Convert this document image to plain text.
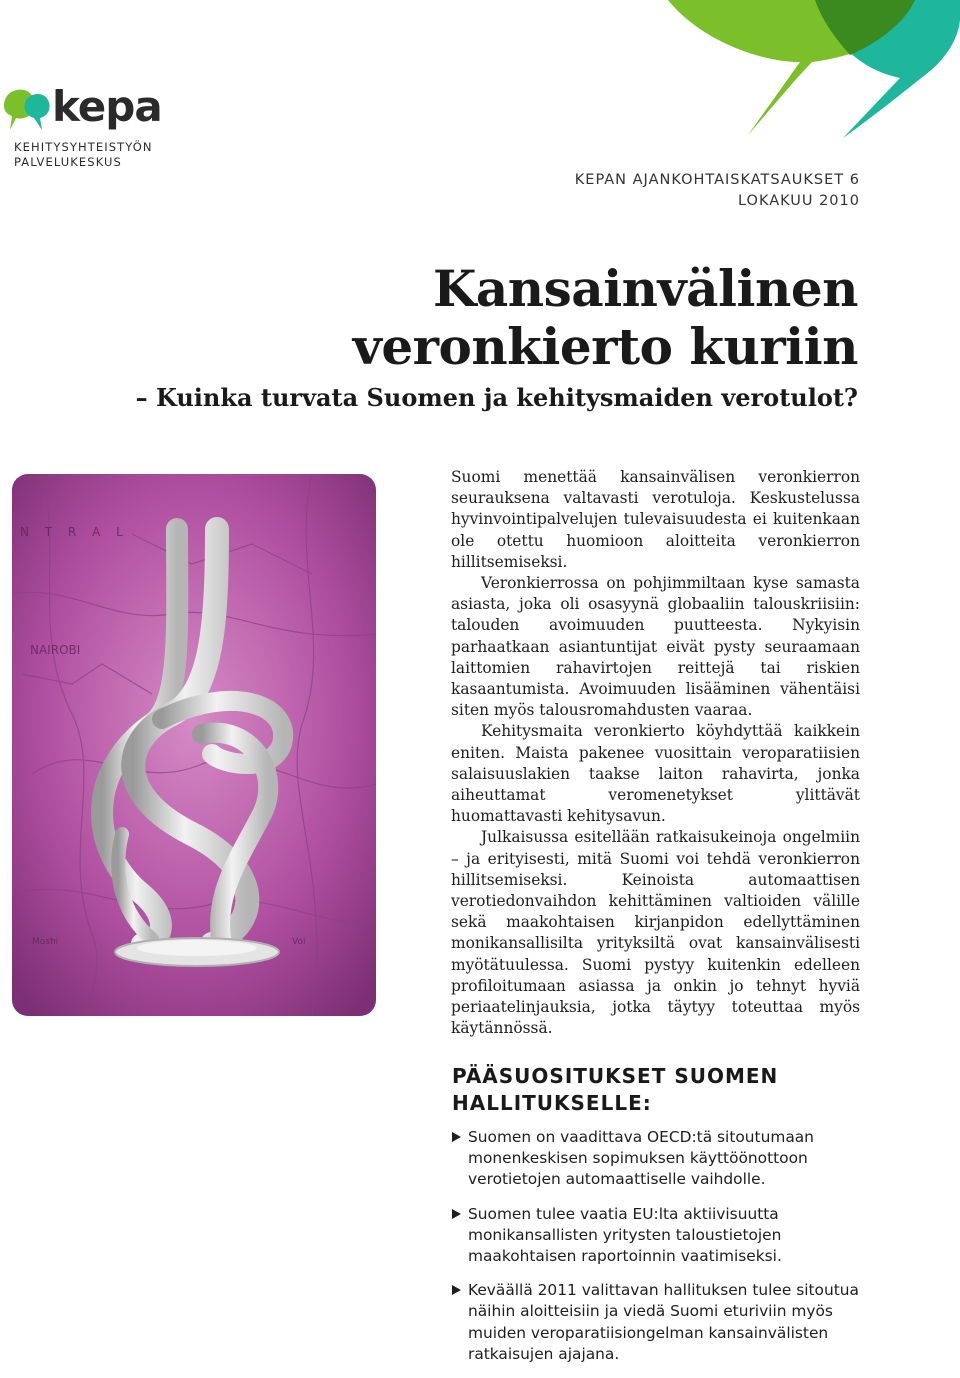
kepa
KEHITYSYHTEISTYÖN
PALVELUKESKUS
KEPAN AJANKOHTAISKATSAUKSET 6
LOKAKUU 2010
Kansainvälinen
veronkierto kuriin
– Kuinka turvata Suomen ja kehitysmaiden verotulot?
N T R A L
NAIROBI
Moshi	Voi

Suomi menettää kansainvälisen veronkierron seurauksena valtavasti verotuloja. Keskustelussa hyvinvointipalvelujen tulevaisuudesta ei kuitenkaan ole otettu huomioon aloitteita veronkierron hillitsemiseksi.

Veronkierrossa on pohjimmiltaan kyse samasta asiasta, joka oli osasyynä globaaliin talouskriisiin: talouden avoimuuden puutteesta. Nykyisin parhaatkaan asiantuntijat eivät pysty seuraamaan laittomien rahavirtojen reittejä tai riskien kasaantumista. Avoimuuden lisääminen vähentäisi siten myös talousromahdusten vaaraa.

Kehitysmaita veronkierto köyhdyttää kaikkein eniten. Maista pakenee vuosittain veroparatiisien salaisuuslakien taakse laiton rahavirta, jonka aiheuttamat veromenetykset ylittävät huomattavasti kehitysavun.

Julkaisussa esitellään ratkaisukeinoja ongelmiin – ja erityisesti, mitä Suomi voi tehdä veronkierron hillitsemiseksi. Keinoista automaattisen verotiedonvaihdon kehittäminen valtioiden välille sekä maakohtaisen kirjanpidon edellyttäminen monikansallisilta yrityksiltä ovat kansainvälisesti myötätuulessa. Suomi pystyy kuitenkin edelleen profiloitumaan asiassa ja onkin jo tehnyt hyviä periaatelinjauksia, jotka täytyy toteuttaa myös käytännössä.

PÄÄSUOSITUKSET SUOMEN
HALLITUKSELLE:
Suomen on vaadittava OECD:tä sitoutumaan monenkeskisen sopimuksen käyttöönottoon verotietojen automaattiselle vaihdolle.
Suomen tulee vaatia EU:lta aktiivisuutta monikansallisten yritysten taloustietojen maakohtaisen raportoinnin vaatimiseksi.
Keväällä 2011 valittavan hallituksen tulee sitoutua näihin aloitteisiin ja viedä Suomi eturiviin myös muiden veroparatiisiongelman kansainvälisten ratkaisujen ajajana.
